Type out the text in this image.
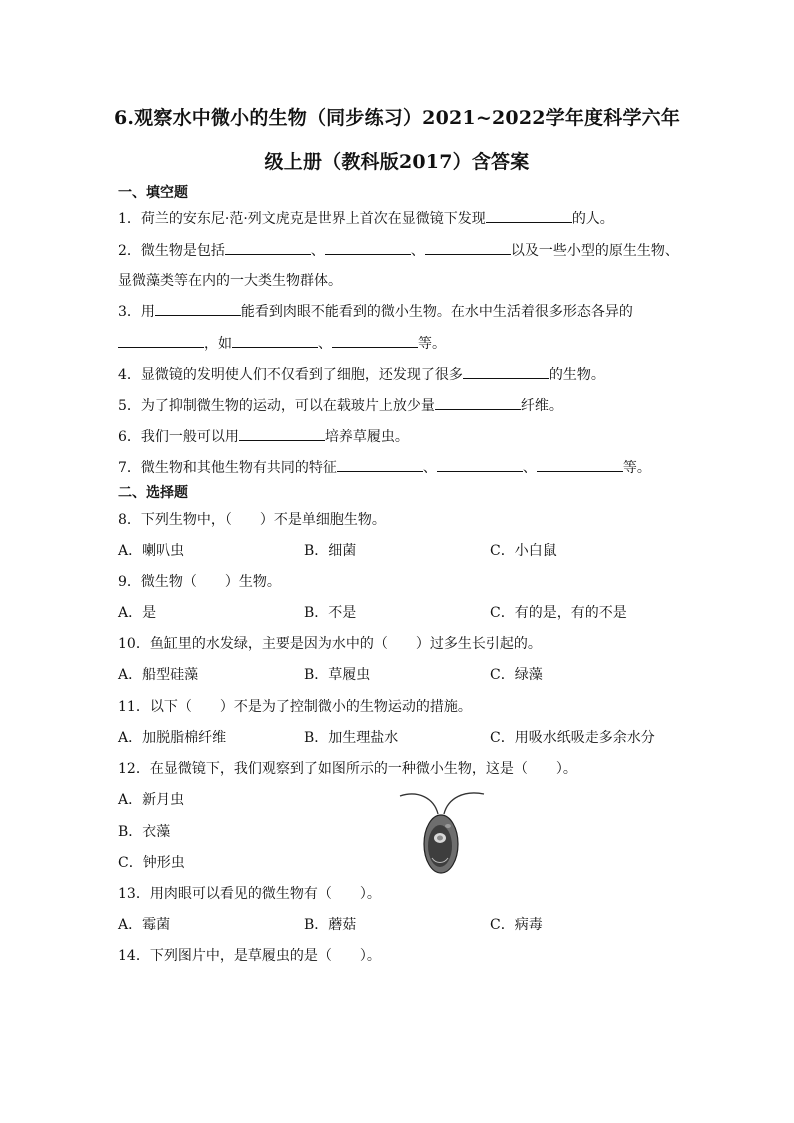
6.观察水中微小的生物（同步练习）2021~2022学年度科学六年
级上册（教科版2017）含答案
一、填空题
1．荷兰的安东尼·范·列文虎克是世界上首次在显微镜下发现	的人。
2．微生物是包括	、	、	以及一些小型的原生生物、
显微藻类等在内的一大类生物群体。
3．用	能看到肉眼不能看到的微小生物。在水中生活着很多形态各异的
，如	、	等。
4．显微镜的发明使人们不仅看到了细胞，还发现了很多	的生物。
5．为了抑制微生物的运动，可以在载玻片上放少量	纤维。
6．我们一般可以用	培养草履虫。
7．微生物和其他生物有共同的特征	、	、	等。
二、选择题
8．下列生物中，（　　）不是单细胞生物。
A．喇叭虫	B．细菌	C．小白鼠
9．微生物（　　）生物。
A．是	B．不是	C．有的是，有的不是
10．鱼缸里的水发绿，主要是因为水中的（　　）过多生长引起的。
A．船型硅藻	B．草履虫	C．绿藻
11．以下（　　）不是为了控制微小的生物运动的措施。
A．加脱脂棉纤维	B．加生理盐水	C．用吸水纸吸走多余水分
12．在显微镜下，我们观察到了如图所示的一种微小生物，这是（　　）。
A．新月虫
B．衣藻
C．钟形虫
13．用肉眼可以看见的微生物有（　　）。
A．霉菌	B．蘑菇	C．病毒
14．下列图片中，是草履虫的是（　　）。
